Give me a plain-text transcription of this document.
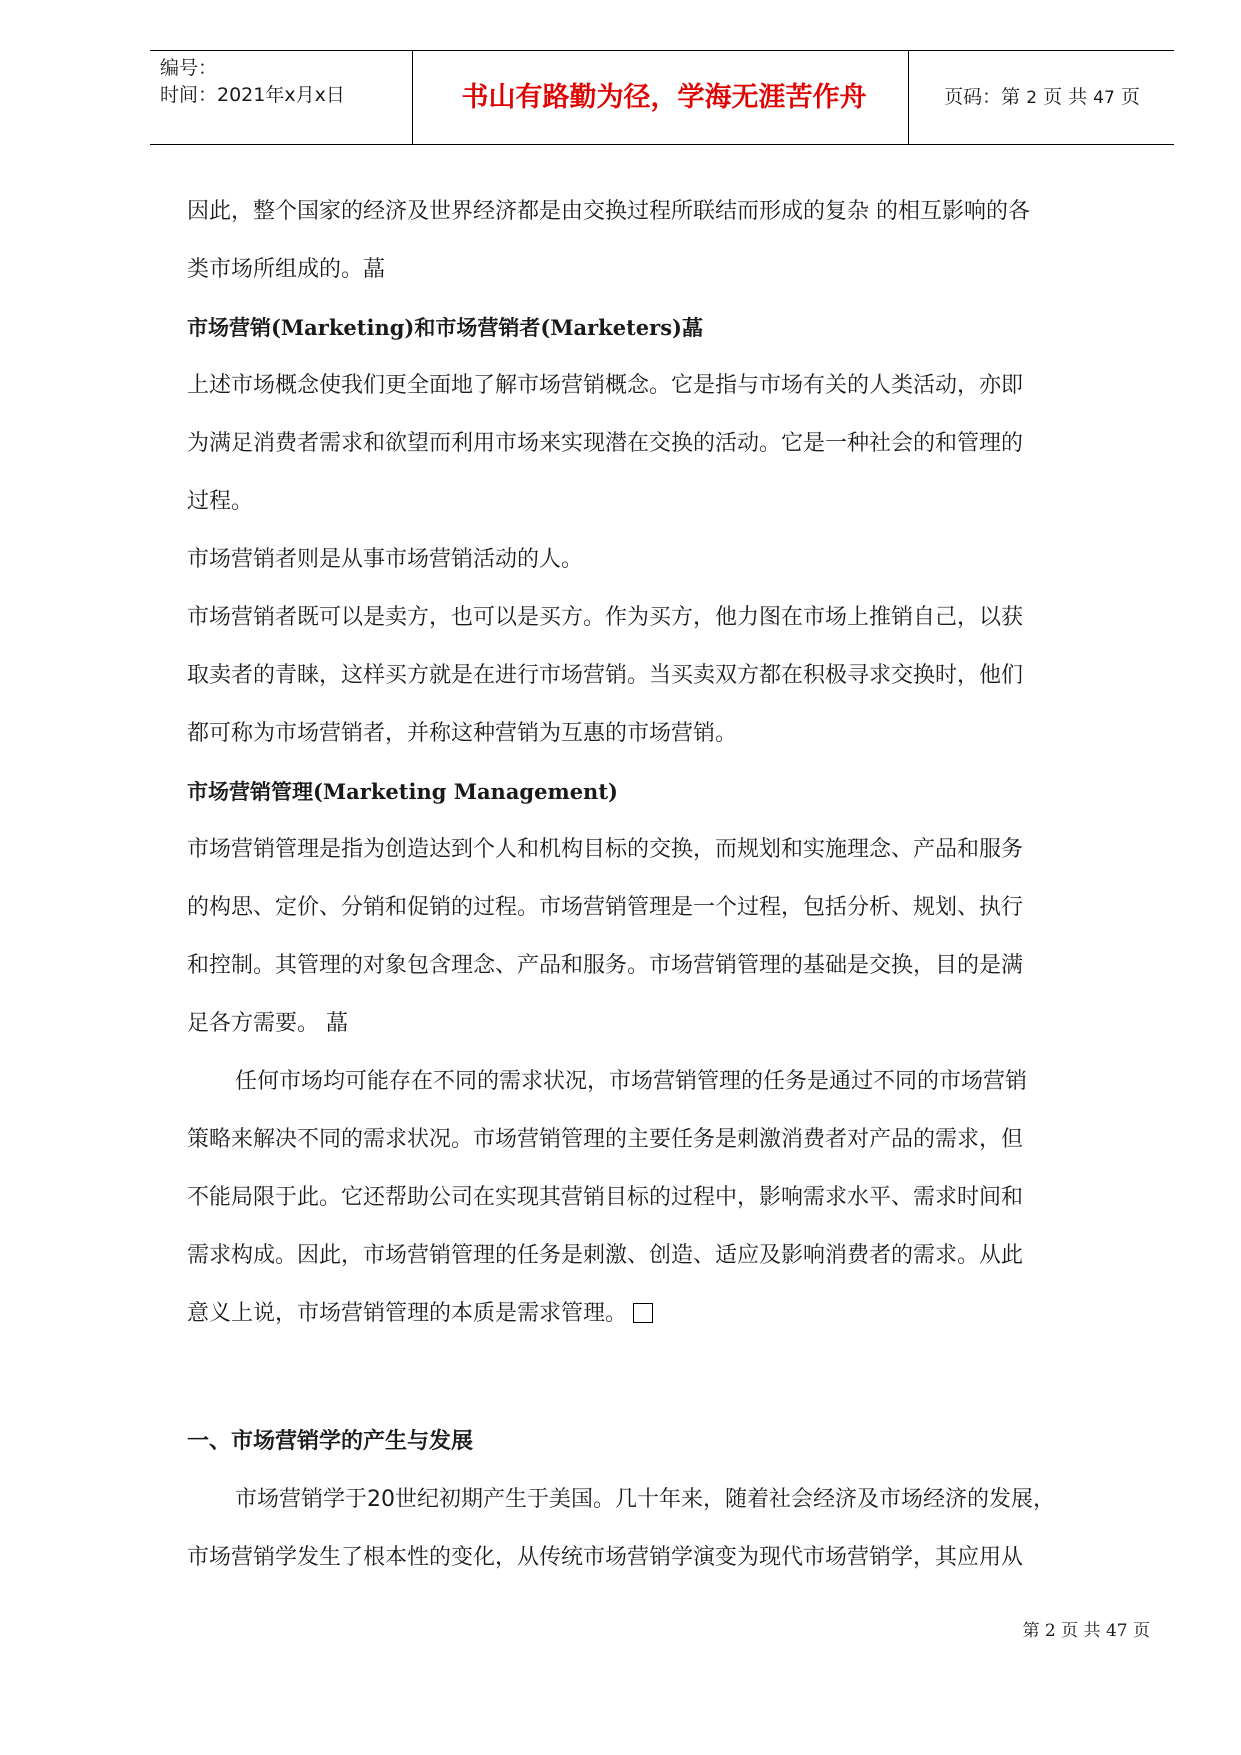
编号：
时间：2021年x月x日	书山有路勤为径，学海无涯苦作舟	页码：第 2 页 共 47 页

因此，整个国家的经济及世界经济都是由交换过程所联结而形成的复杂 的相互影响的各

类市场所组成的。蕌

市场营销(Marketing)和市场营销者(Marketers)蕌

上述市场概念使我们更全面地了解市场营销概念。它是指与市场有关的人类活动，亦即

为满足消费者需求和欲望而利用市场来实现潜在交换的活动。它是一种社会的和管理的

过程。

市场营销者则是从事市场营销活动的人。

市场营销者既可以是卖方，也可以是买方。作为买方，他力图在市场上推销自己，以获

取卖者的青睐，这样买方就是在进行市场营销。当买卖双方都在积极寻求交换时，他们

都可称为市场营销者，并称这种营销为互惠的市场营销。

市场营销管理(Marketing Management)

市场营销管理是指为创造达到个人和机构目标的交换，而规划和实施理念、产品和服务

的构思、定价、分销和促销的过程。市场营销管理是一个过程，包括分析、规划、执行

和控制。其管理的对象包含理念、产品和服务。市场营销管理的基础是交换，目的是满

足各方需要。 蕌

任何市场均可能存在不同的需求状况，市场营销管理的任务是通过不同的市场营销

策略来解决不同的需求状况。市场营销管理的主要任务是刺激消费者对产品的需求，但

不能局限于此。它还帮助公司在实现其营销目标的过程中，影响需求水平、需求时间和

需求构成。因此，市场营销管理的任务是刺激、创造、适应及影响消费者的需求。从此

意义上说，市场营销管理的本质是需求管理。

一、市场营销学的产生与发展

市场营销学于20世纪初期产生于美国。几十年来，随着社会经济及市场经济的发展，

市场营销学发生了根本性的变化，从传统市场营销学演变为现代市场营销学，其应用从

第 2 页 共 47 页
